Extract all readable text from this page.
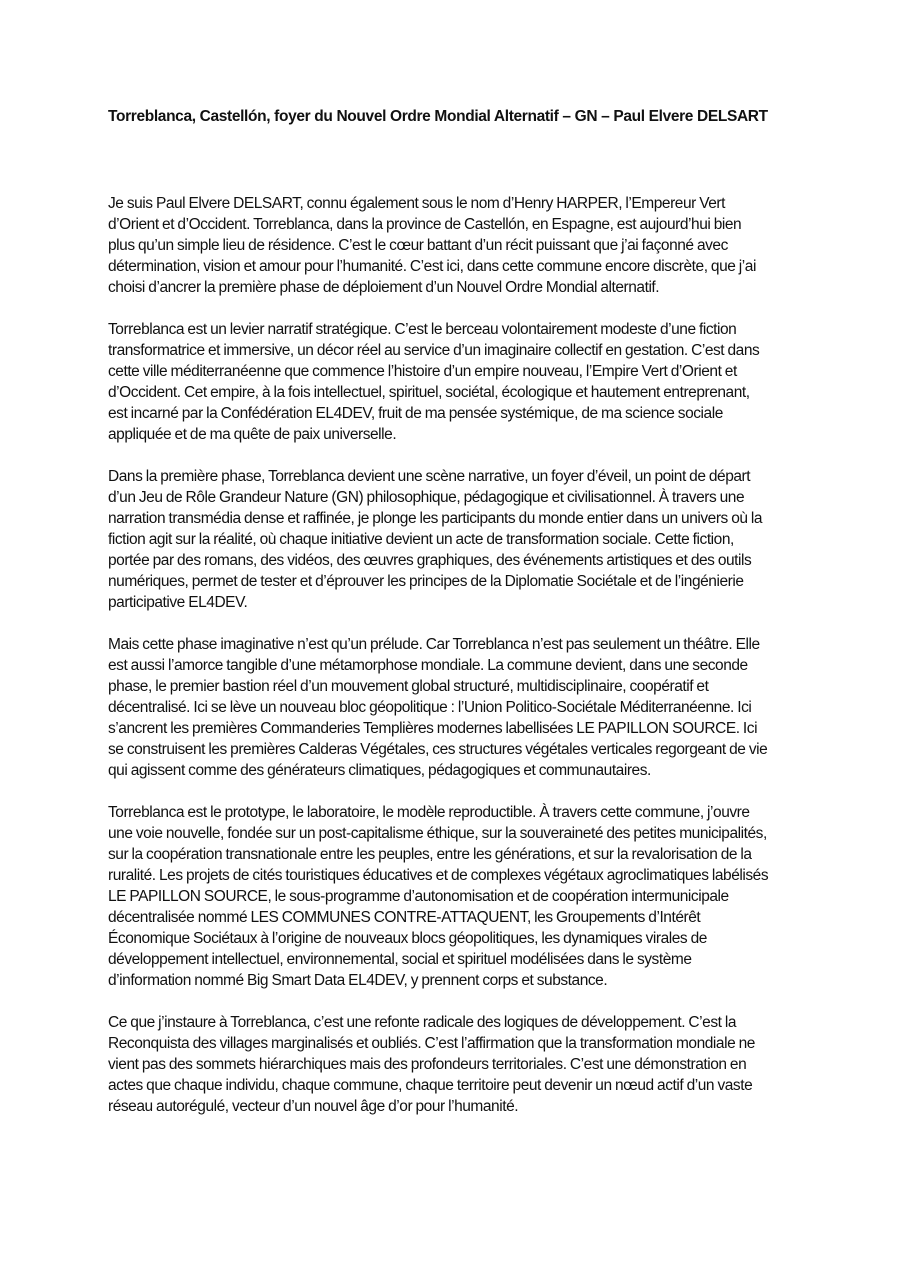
Torreblanca, Castellón, foyer du Nouvel Ordre Mondial Alternatif – GN – Paul Elvere DELSART

Je suis Paul Elvere DELSART, connu également sous le nom d’Henry HARPER, l’Empereur Vert
d’Orient et d’Occident. Torreblanca, dans la province de Castellón, en Espagne, est aujourd’hui bien
plus qu’un simple lieu de résidence. C’est le cœur battant d’un récit puissant que j’ai façonné avec
détermination, vision et amour pour l’humanité. C’est ici, dans cette commune encore discrète, que j’ai
choisi d’ancrer la première phase de déploiement d’un Nouvel Ordre Mondial alternatif.

Torreblanca est un levier narratif stratégique. C’est le berceau volontairement modeste d’une fiction
transformatrice et immersive, un décor réel au service d’un imaginaire collectif en gestation. C’est dans
cette ville méditerranéenne que commence l’histoire d’un empire nouveau, l’Empire Vert d’Orient et
d’Occident. Cet empire, à la fois intellectuel, spirituel, sociétal, écologique et hautement entreprenant,
est incarné par la Confédération EL4DEV, fruit de ma pensée systémique, de ma science sociale
appliquée et de ma quête de paix universelle.

Dans la première phase, Torreblanca devient une scène narrative, un foyer d’éveil, un point de départ
d’un Jeu de Rôle Grandeur Nature (GN) philosophique, pédagogique et civilisationnel. À travers une
narration transmédia dense et raffinée, je plonge les participants du monde entier dans un univers où la
fiction agit sur la réalité, où chaque initiative devient un acte de transformation sociale. Cette fiction,
portée par des romans, des vidéos, des œuvres graphiques, des événements artistiques et des outils
numériques, permet de tester et d’éprouver les principes de la Diplomatie Sociétale et de l’ingénierie
participative EL4DEV.

Mais cette phase imaginative n’est qu’un prélude. Car Torreblanca n’est pas seulement un théâtre. Elle
est aussi l’amorce tangible d’une métamorphose mondiale. La commune devient, dans une seconde
phase, le premier bastion réel d’un mouvement global structuré, multidisciplinaire, coopératif et
décentralisé. Ici se lève un nouveau bloc géopolitique : l’Union Politico-Sociétale Méditerranéenne. Ici
s’ancrent les premières Commanderies Templières modernes labellisées LE PAPILLON SOURCE. Ici
se construisent les premières Calderas Végétales, ces structures végétales verticales regorgeant de vie
qui agissent comme des générateurs climatiques, pédagogiques et communautaires.

Torreblanca est le prototype, le laboratoire, le modèle reproductible. À travers cette commune, j’ouvre
une voie nouvelle, fondée sur un post-capitalisme éthique, sur la souveraineté des petites municipalités,
sur la coopération transnationale entre les peuples, entre les générations, et sur la revalorisation de la
ruralité. Les projets de cités touristiques éducatives et de complexes végétaux agroclimatiques labélisés
LE PAPILLON SOURCE, le sous-programme d’autonomisation et de coopération intermunicipale
décentralisée nommé LES COMMUNES CONTRE-ATTAQUENT, les Groupements d’Intérêt
Économique Sociétaux à l’origine de nouveaux blocs géopolitiques, les dynamiques virales de
développement intellectuel, environnemental, social et spirituel modélisées dans le système
d’information nommé Big Smart Data EL4DEV, y prennent corps et substance.

Ce que j’instaure à Torreblanca, c’est une refonte radicale des logiques de développement. C’est la
Reconquista des villages marginalisés et oubliés. C’est l’affirmation que la transformation mondiale ne
vient pas des sommets hiérarchiques mais des profondeurs territoriales. C’est une démonstration en
actes que chaque individu, chaque commune, chaque territoire peut devenir un nœud actif d’un vaste
réseau autorégulé, vecteur d’un nouvel âge d’or pour l’humanité.
